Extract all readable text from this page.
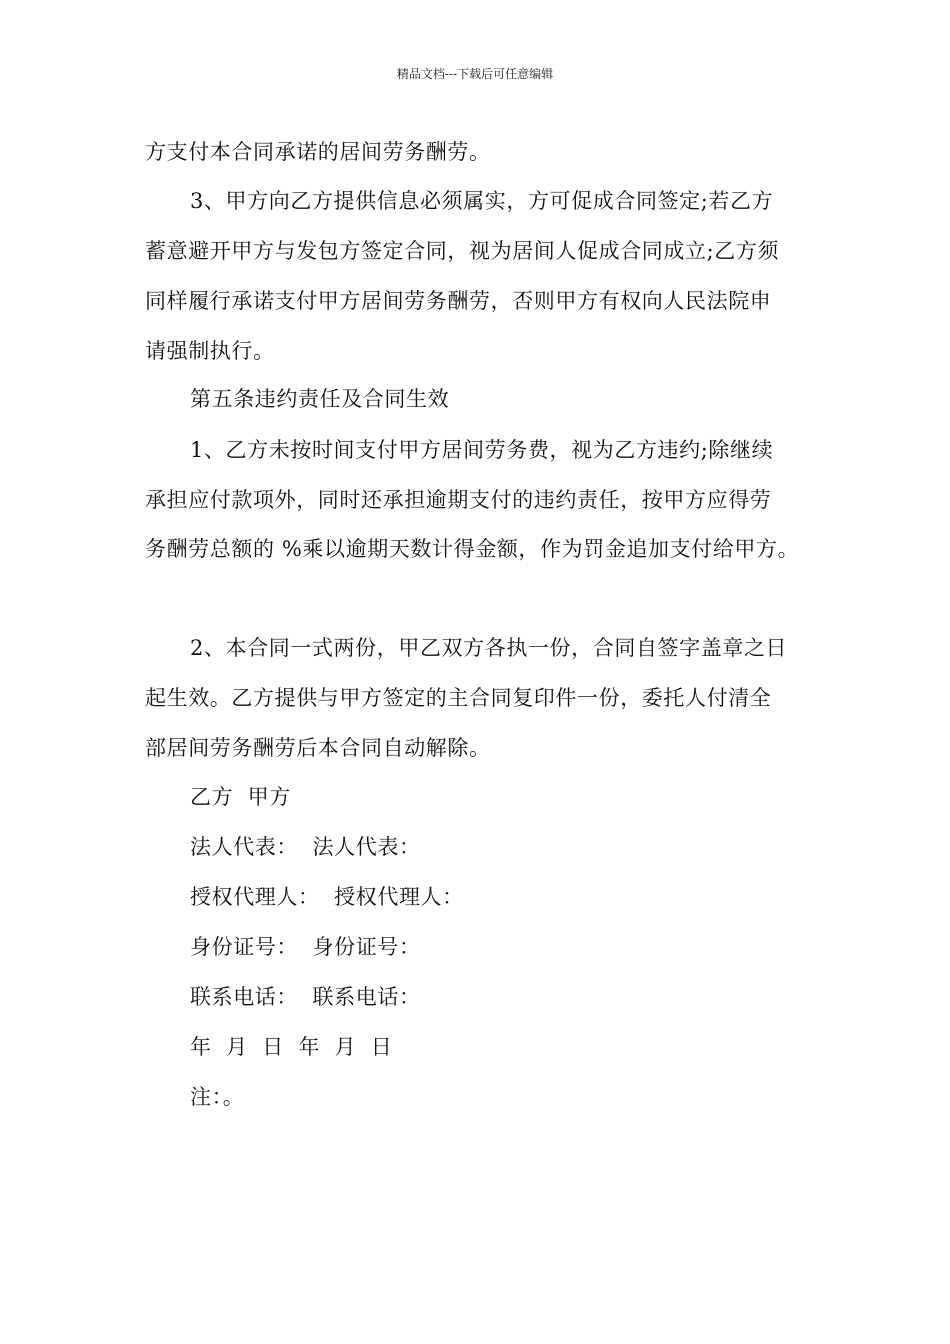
精品文档---下载后可任意编辑
方支付本合同承诺的居间劳务酬劳。
3、甲方向乙方提供信息必须属实，方可促成合同签定;若乙方
蓄意避开甲方与发包方签定合同，视为居间人促成合同成立;乙方须
同样履行承诺支付甲方居间劳务酬劳，否则甲方有权向人民法院申
请强制执行。
第五条违约责任及合同生效
1、乙方未按时间支付甲方居间劳务费，视为乙方违约;除继续
承担应付款项外，同时还承担逾期支付的违约责任，按甲方应得劳
务酬劳总额的 %乘以逾期天数计得金额，作为罚金追加支付给甲方。
2、本合同一式两份，甲乙双方各执一份，合同自签字盖章之日
起生效。乙方提供与甲方签定的主合同复印件一份，委托人付清全
部居间劳务酬劳后本合同自动解除。
乙方  甲方
法人代表：  法人代表：
授权代理人：  授权代理人：
身份证号：  身份证号：
联系电话：  联系电话：
年  月  日  年  月  日
注：。
